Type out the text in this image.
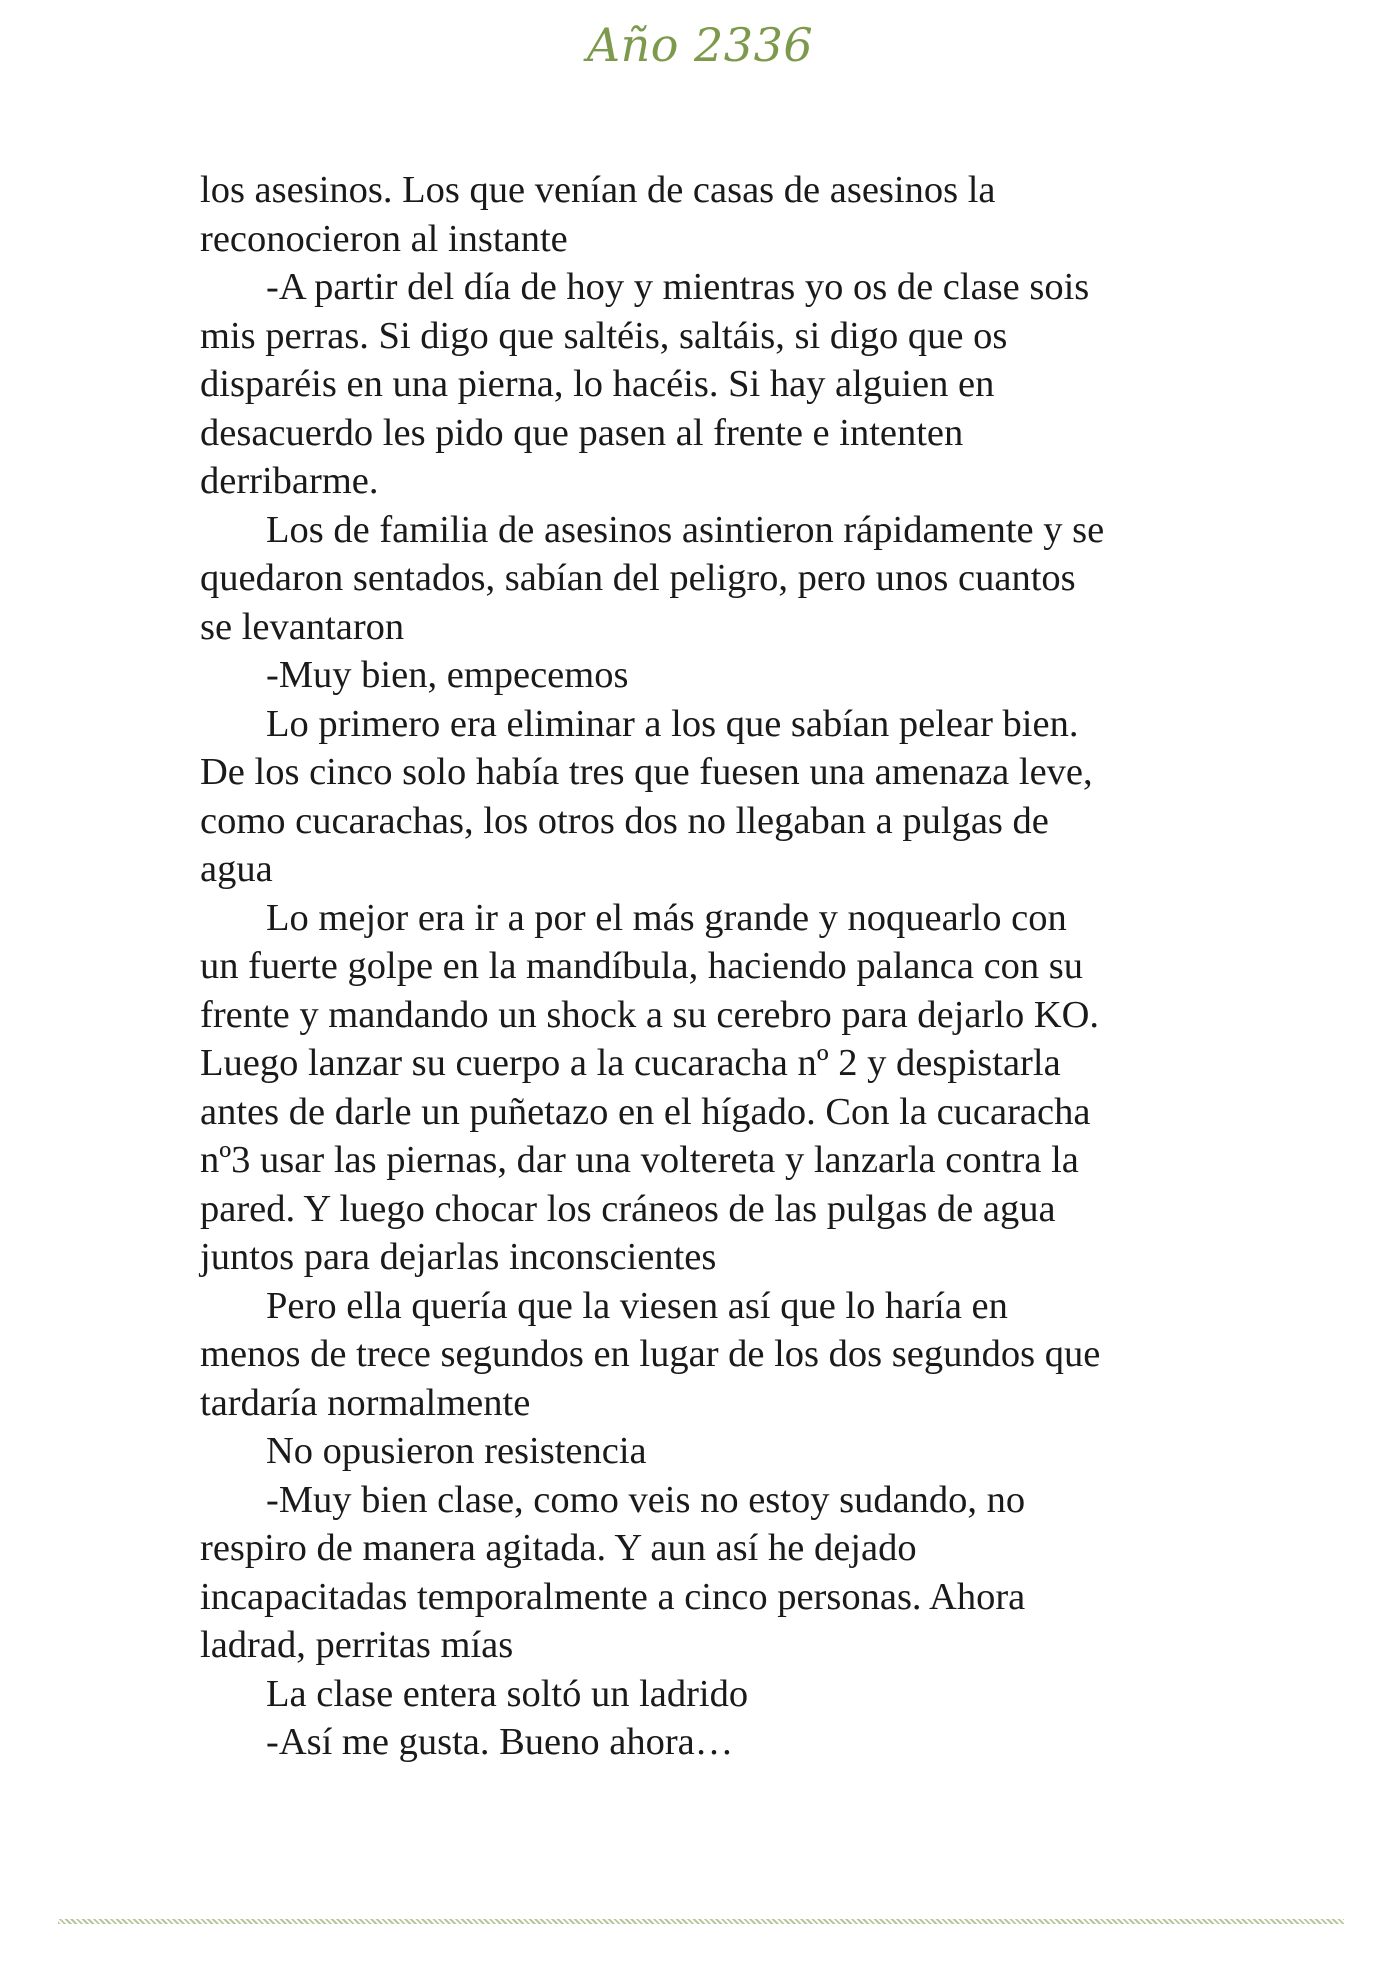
Año 2336

los asesinos. Los que venían de casas de asesinos la
reconocieron al instante

-A partir del día de hoy y mientras yo os de clase sois
mis perras. Si digo que saltéis, saltáis, si digo que os
disparéis en una pierna, lo hacéis. Si hay alguien en
desacuerdo les pido que pasen al frente e intenten
derribarme.

Los de familia de asesinos asintieron rápidamente y se
quedaron sentados, sabían del peligro, pero unos cuantos
se levantaron

-Muy bien, empecemos

Lo primero era eliminar a los que sabían pelear bien.
De los cinco solo había tres que fuesen una amenaza leve,
como cucarachas, los otros dos no llegaban a pulgas de
agua

Lo mejor era ir a por el más grande y noquearlo con
un fuerte golpe en la mandíbula, haciendo palanca con su
frente y mandando un shock a su cerebro para dejarlo KO.
Luego lanzar su cuerpo a la cucaracha nº 2 y despistarla
antes de darle un puñetazo en el hígado. Con la cucaracha
nº3 usar las piernas, dar una voltereta y lanzarla contra la
pared. Y luego chocar los cráneos de las pulgas de agua
juntos para dejarlas inconscientes

Pero ella quería que la viesen así que lo haría en
menos de trece segundos en lugar de los dos segundos que
tardaría normalmente

No opusieron resistencia

-Muy bien clase, como veis no estoy sudando, no
respiro de manera agitada. Y aun así he dejado
incapacitadas temporalmente a cinco personas. Ahora
ladrad, perritas mías

La clase entera soltó un ladrido

-Así me gusta. Bueno ahora…
